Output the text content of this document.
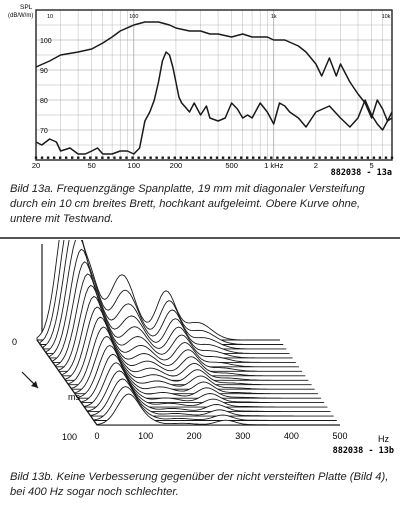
SPL
(dB/W/m)
70
80
90
100
10	100	1k	10k
20	50	100	200	500	1 kHz	2	5
882038 - 13a
Bild 13a. Frequenzgänge Spanplatte, 19 mm mit diagonaler Versteifung durch ein 10 cm breites Brett, hochkant aufgeleimt. Obere Kurve ohne, untere mit Testwand.
0	100	200	300	400	500
0
100
ms
Hz
882038 - 13b
Bild 13b. Keine Verbesserung gegenüber der nicht versteiften Platte (Bild 4), bei 400 Hz sogar noch schlechter.
